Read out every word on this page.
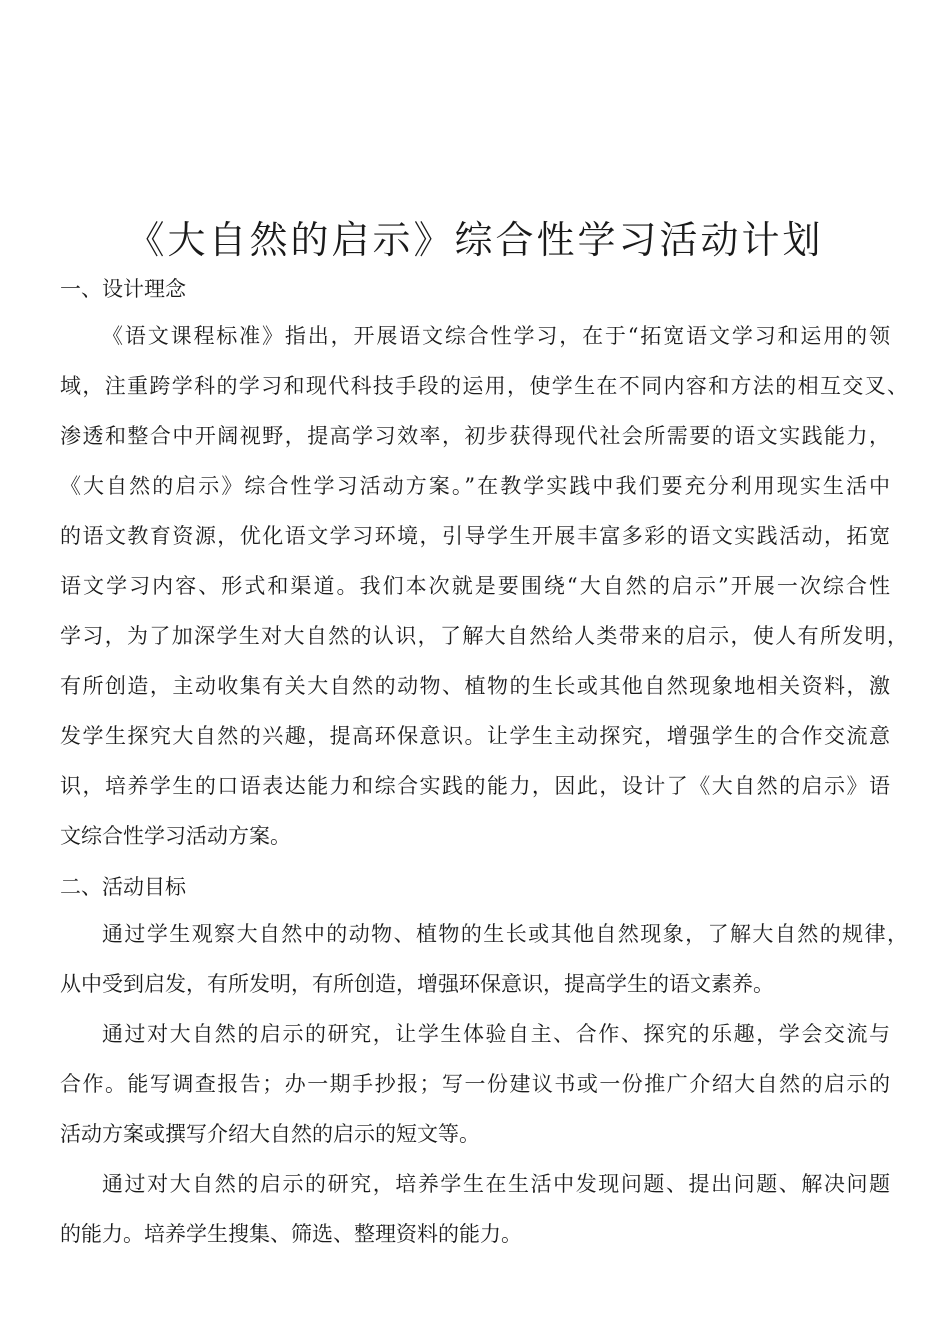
《大自然的启示》综合性学习活动计划
一、设计理念

《语文课程标准》指出，开展语文综合性学习，在于“拓宽语文学习和运用的领

域，注重跨学科的学习和现代科技手段的运用，使学生在不同内容和方法的相互交叉、

渗透和整合中开阔视野，提高学习效率，初步获得现代社会所需要的语文实践能力，

《大自然的启示》综合性学习活动方案。”在教学实践中我们要充分利用现实生活中

的语文教育资源，优化语文学习环境，引导学生开展丰富多彩的语文实践活动，拓宽

语文学习内容、形式和渠道。我们本次就是要围绕“大自然的启示”开展一次综合性

学习，为了加深学生对大自然的认识，了解大自然给人类带来的启示，使人有所发明，

有所创造，主动收集有关大自然的动物、植物的生长或其他自然现象地相关资料，激

发学生探究大自然的兴趣，提高环保意识。让学生主动探究，增强学生的合作交流意

识，培养学生的口语表达能力和综合实践的能力，因此，设计了《大自然的启示》语

文综合性学习活动方案。

二、活动目标

通过学生观察大自然中的动物、植物的生长或其他自然现象，了解大自然的规律，

从中受到启发，有所发明，有所创造，增强环保意识，提高学生的语文素养。

通过对大自然的启示的研究，让学生体验自主、合作、探究的乐趣，学会交流与

合作。能写调查报告；办一期手抄报；写一份建议书或一份推广介绍大自然的启示的

活动方案或撰写介绍大自然的启示的短文等。

通过对大自然的启示的研究，培养学生在生活中发现问题、提出问题、解决问题

的能力。培养学生搜集、筛选、整理资料的能力。
